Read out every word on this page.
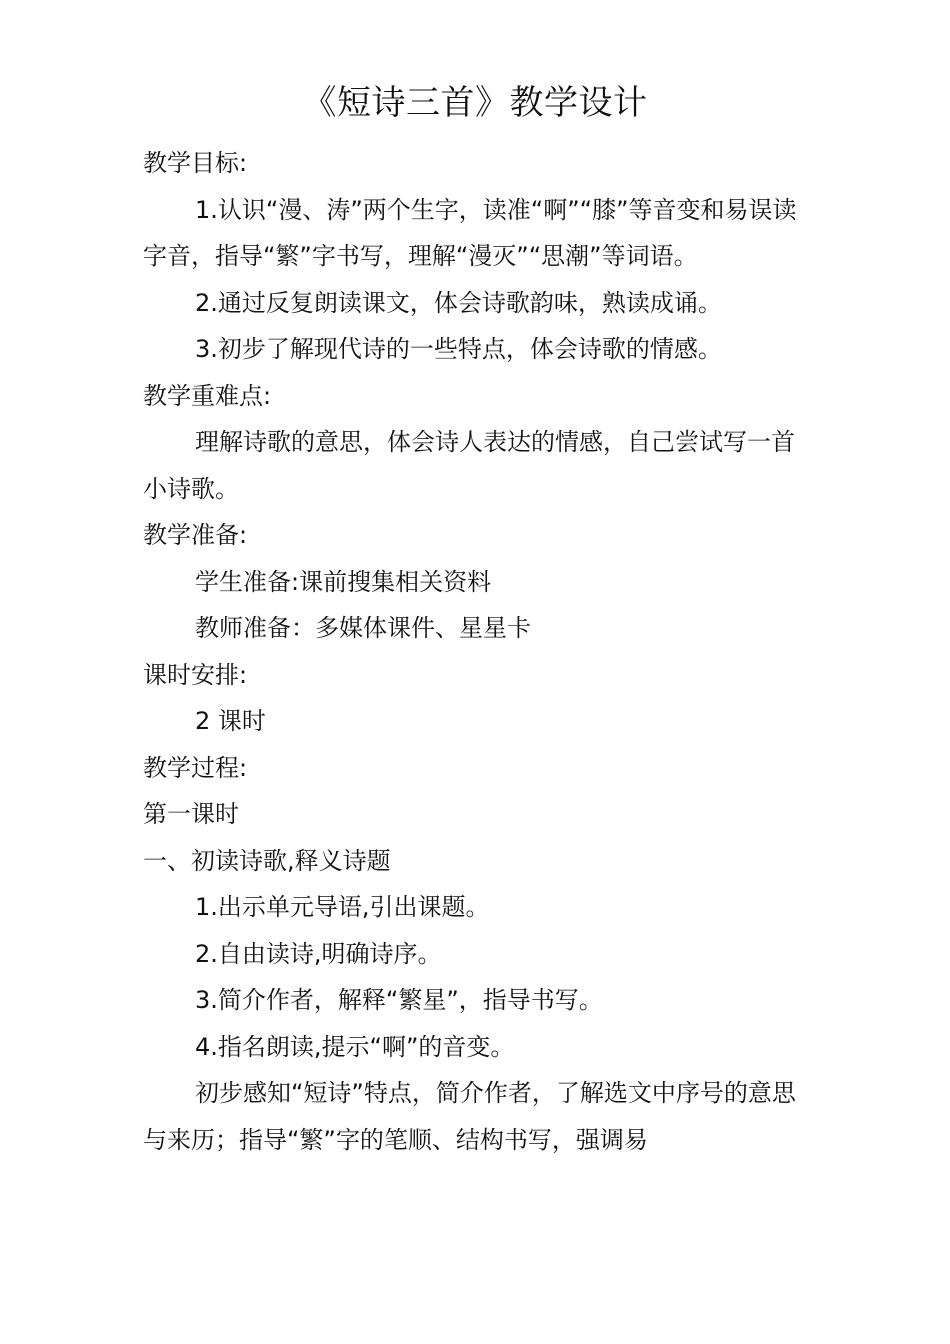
《短诗三首》教学设计

教学目标:

1.认识“漫、涛”两个生字，读准“啊”“膝”等音变和易误读字音，指导“繁”字书写，理解“漫灭”“思潮”等词语。

2.通过反复朗读课文，体会诗歌韵味，熟读成诵。

3.初步了解现代诗的一些特点，体会诗歌的情感。

教学重难点:

理解诗歌的意思，体会诗人表达的情感，自己尝试写一首小诗歌。

教学准备:

学生准备:课前搜集相关资料

教师准备：多媒体课件、星星卡

课时安排:

2 课时

教学过程:

第一课时

一、初读诗歌,释义诗题

1.出示单元导语,引出课题。

2.自由读诗,明确诗序。

3.简介作者，解释“繁星”，指导书写。

4.指名朗读,提示“啊”的音变。

初步感知“短诗”特点，简介作者，了解选文中序号的意思与来历；指导“繁”字的笔顺、结构书写，强调易
